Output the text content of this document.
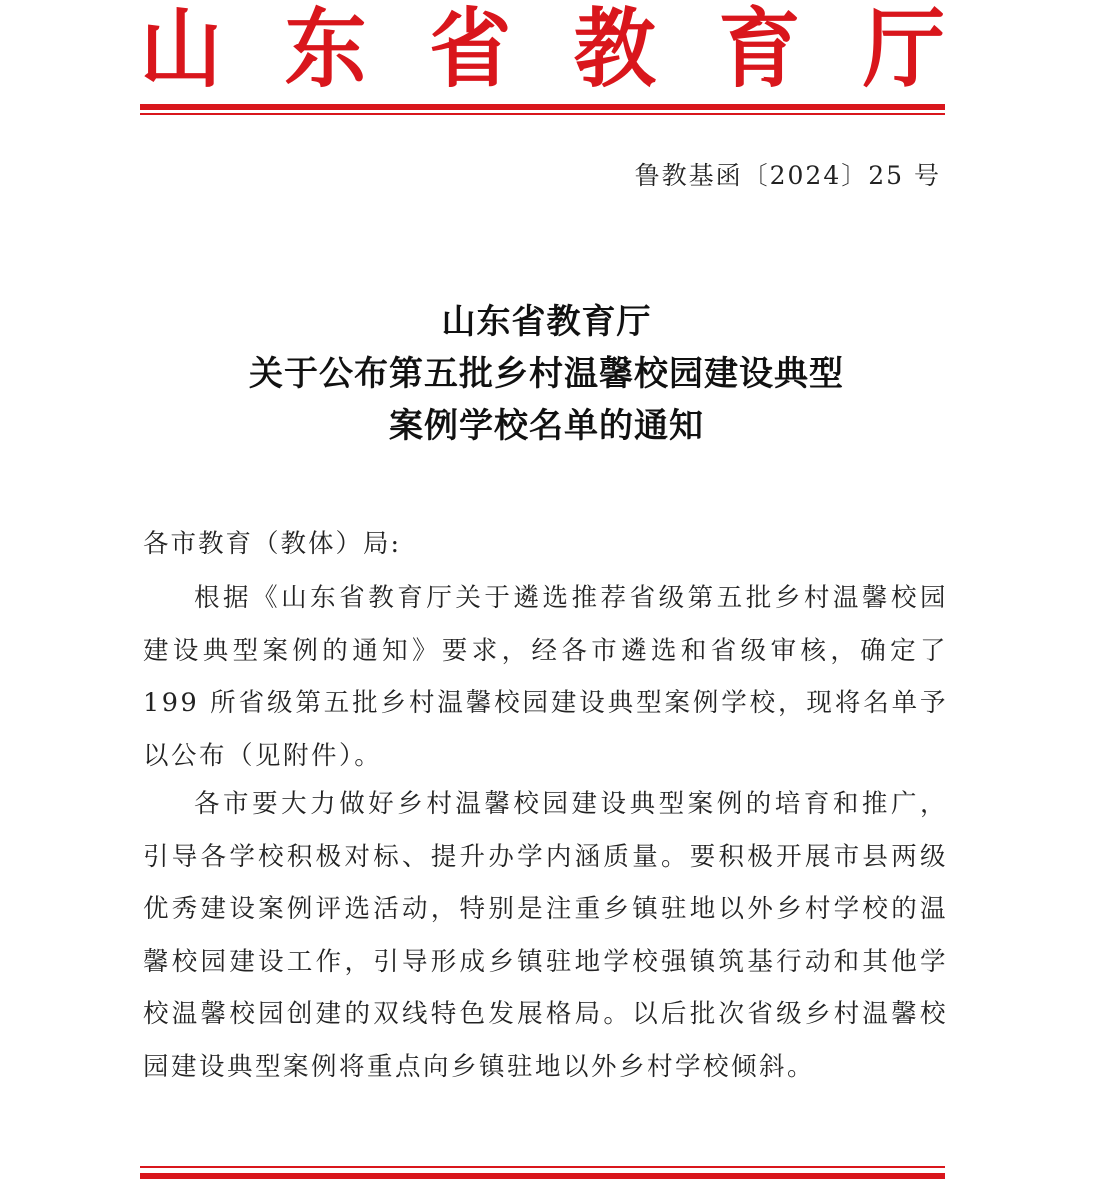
山 东 省 教 育 厅
鲁教基函〔2024〕25 号
山东省教育厅
关于公布第五批乡村温馨校园建设典型
案例学校名单的通知
各市教育（教体）局:

根据《山东省教育厅关于遴选推荐省级第五批乡村温馨校园建设典型案例的通知》要求，经各市遴选和省级审核，确定了199 所省级第五批乡村温馨校园建设典型案例学校，现将名单予以公布（见附件）。

各市要大力做好乡村温馨校园建设典型案例的培育和推广，引导各学校积极对标、提升办学内涵质量。要积极开展市县两级优秀建设案例评选活动，特别是注重乡镇驻地以外乡村学校的温馨校园建设工作，引导形成乡镇驻地学校强镇筑基行动和其他学校温馨校园创建的双线特色发展格局。以后批次省级乡村温馨校园建设典型案例将重点向乡镇驻地以外乡村学校倾斜。
